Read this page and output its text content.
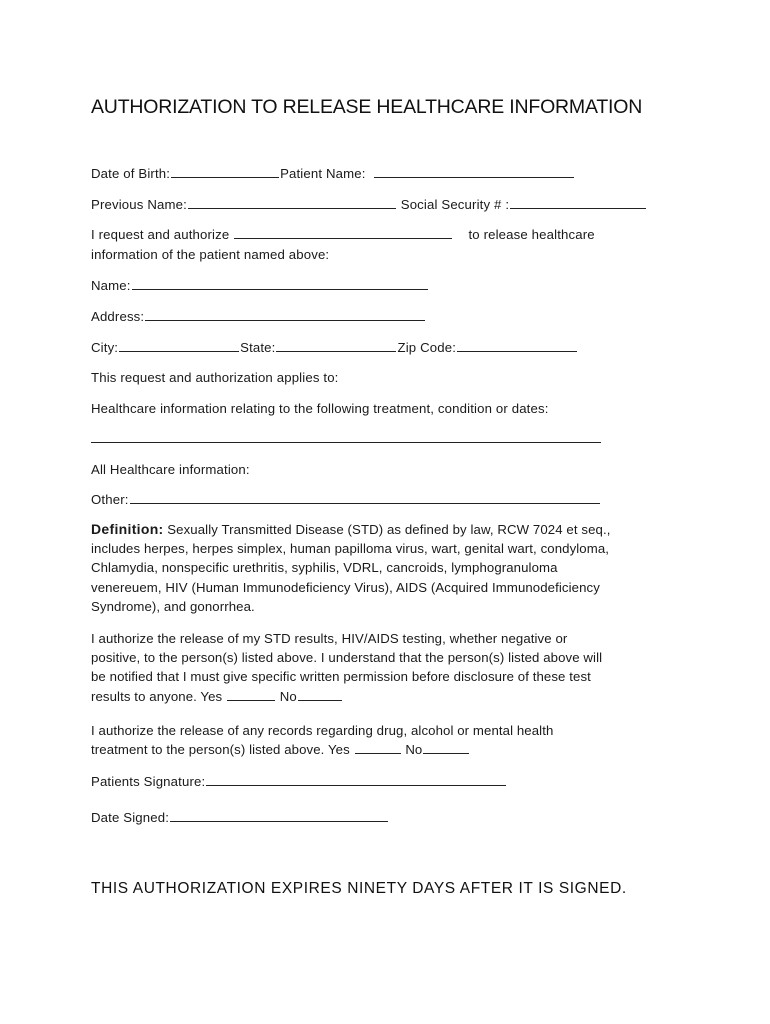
AUTHORIZATION TO RELEASE HEALTHCARE INFORMATION
Date of Birth:	Patient Name:
Previous Name:	Social Security # :
I request and authorize	to release healthcare
information of the patient named above:
Name:
Address:
City:	State:	Zip Code:
This request and authorization applies to:
Healthcare information relating to the following treatment, condition or dates:
All Healthcare information:
Other:
Definition: Sexually Transmitted Disease (STD) as defined by law, RCW 7024 et seq.,
includes herpes, herpes simplex, human papilloma virus, wart, genital wart, condyloma,
Chlamydia, nonspecific urethritis, syphilis, VDRL, cancroids, lymphogranuloma
venereuem, HIV (Human Immunodeficiency Virus), AIDS (Acquired Immunodeficiency
Syndrome), and gonorrhea.
I authorize the release of my STD results, HIV/AIDS testing, whether negative or
positive, to the person(s) listed above. I understand that the person(s) listed above will
be notified that I must give specific written permission before disclosure of these test
results to anyone. Yes	No
I authorize the release of any records regarding drug, alcohol or mental health
treatment to the person(s) listed above. Yes	No
Patients Signature:
Date Signed:
THIS AUTHORIZATION EXPIRES NINETY DAYS AFTER IT IS SIGNED.
